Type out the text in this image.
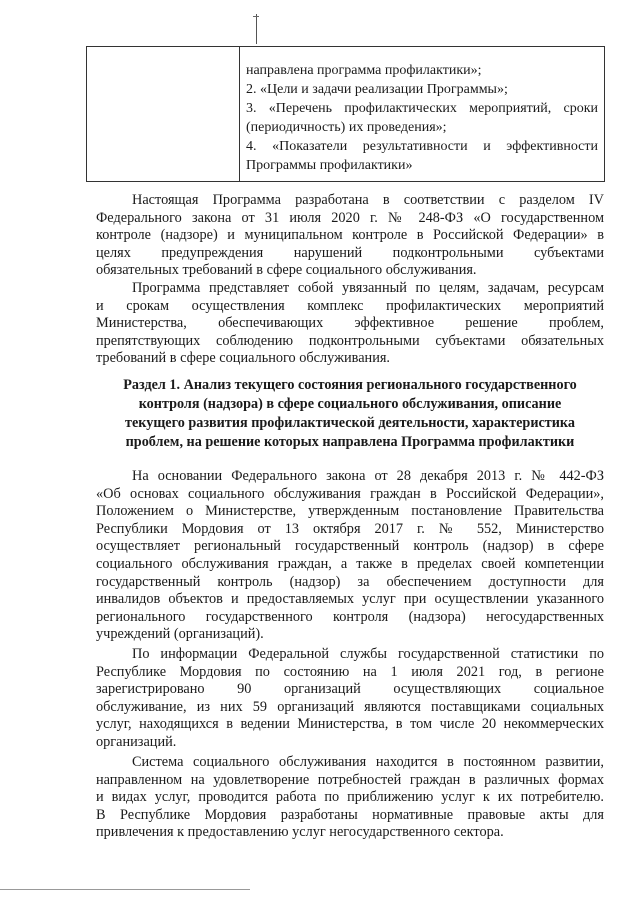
направлена программа профилактики»;
2. «Цели и задачи реализации Программы»;
3. «Перечень профилактических мероприятий, сроки
(периодичность) их проведения»;
4. «Показатели результативности и эффективности
Программы профилактики»
Настоящая Программа разработана в соответствии с разделом IV
Федерального закона от 31 июля 2020 г. № 248-ФЗ «О государственном
контроле (надзоре) и муниципальном контроле в Российской Федерации» в
целях предупреждения нарушений подконтрольными субъектами
обязательных требований в сфере социального обслуживания.
Программа представляет собой увязанный по целям, задачам, ресурсам
и срокам осуществления комплекс профилактических мероприятий
Министерства, обеспечивающих эффективное решение проблем,
препятствующих соблюдению подконтрольными субъектами обязательных
требований в сфере социального обслуживания.
Раздел 1. Анализ текущего состояния регионального государственного
контроля (надзора) в сфере социального обслуживания, описание
текущего развития профилактической деятельности, характеристика
проблем, на решение которых направлена Программа профилактики
На основании Федерального закона от 28 декабря 2013 г. № 442-ФЗ
«Об основах социального обслуживания граждан в Российской Федерации»,
Положением о Министерстве, утвержденным постановление Правительства
Республики Мордовия от 13 октября 2017 г. № 552, Министерство
осуществляет региональный государственный контроль (надзор) в сфере
социального обслуживания граждан, а также в пределах своей компетенции
государственный контроль (надзор) за обеспечением доступности для
инвалидов объектов и предоставляемых услуг при осуществлении указанного
регионального государственного контроля (надзора) негосударственных
учреждений (организаций).
По информации Федеральной службы государственной статистики по
Республике Мордовия по состоянию на 1 июля 2021 год, в регионе
зарегистрировано 90 организаций осуществляющих социальное
обслуживание, из них 59 организаций являются поставщиками социальных
услуг, находящихся в ведении Министерства, в том числе 20 некоммерческих
организаций.
Система социального обслуживания находится в постоянном развитии,
направленном на удовлетворение потребностей граждан в различных формах
и видах услуг, проводится работа по приближению услуг к их потребителю.
В Республике Мордовия разработаны нормативные правовые акты для
привлечения к предоставлению услуг негосударственного сектора.
